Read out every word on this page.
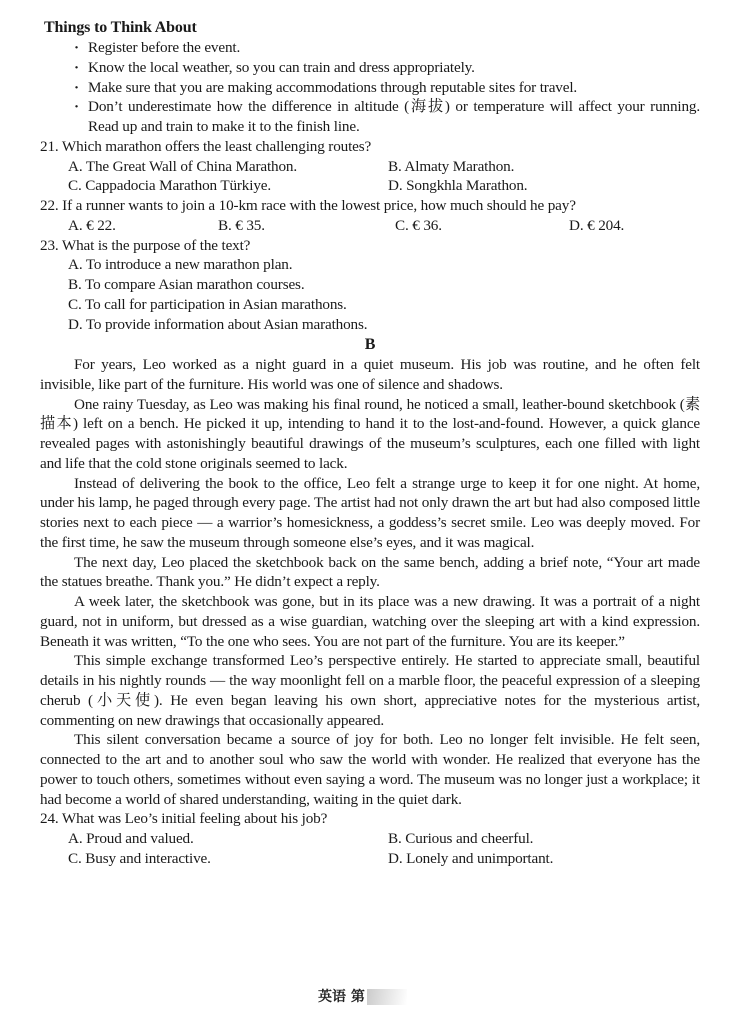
Things to Think About
· Register before the event.
· Know the local weather, so you can train and dress appropriately.
· Make sure that you are making accommodations through reputable sites for travel.
· Don’t underestimate how the difference in altitude (海拔) or temperature will affect your running. Read up and train to make it to the finish line.
21. Which marathon offers the least challenging routes?
A. The Great Wall of China Marathon.	B. Almaty Marathon.
C. Cappadocia Marathon Türkiye.	D. Songkhla Marathon.
22. If a runner wants to join a 10-km race with the lowest price, how much should he pay?
A. € 22.	B. € 35.	C. € 36.	D. € 204.
23. What is the purpose of the text?
A. To introduce a new marathon plan.
B. To compare Asian marathon courses.
C. To call for participation in Asian marathons.
D. To provide information about Asian marathons.
B

For years, Leo worked as a night guard in a quiet museum. His job was routine, and he often felt invisible, like part of the furniture. His world was one of silence and shadows.

One rainy Tuesday, as Leo was making his final round, he noticed a small, leather-bound sketchbook (素描本) left on a bench. He picked it up, intending to hand it to the lost-and-found. However, a quick glance revealed pages with astonishingly beautiful drawings of the museum’s sculptures, each one filled with light and life that the cold stone originals seemed to lack.

Instead of delivering the book to the office, Leo felt a strange urge to keep it for one night. At home, under his lamp, he paged through every page. The artist had not only drawn the art but had also composed little stories next to each piece — a warrior’s homesickness, a goddess’s secret smile. Leo was deeply moved. For the first time, he saw the museum through someone else’s eyes, and it was magical.

The next day, Leo placed the sketchbook back on the same bench, adding a brief note, “Your art made the statues breathe. Thank you.” He didn’t expect a reply.

A week later, the sketchbook was gone, but in its place was a new drawing. It was a portrait of a night guard, not in uniform, but dressed as a wise guardian, watching over the sleeping art with a kind expression. Beneath it was written, “To the one who sees. You are not part of the furniture. You are its keeper.”

This simple exchange transformed Leo’s perspective entirely. He started to appreciate small, beautiful details in his nightly rounds — the way moonlight fell on a marble floor, the peaceful expression of a sleeping cherub (小天使). He even began leaving his own short, appreciative notes for the mysterious artist, commenting on new drawings that occasionally appeared.

This silent conversation became a source of joy for both. Leo no longer felt invisible. He felt seen, connected to the art and to another soul who saw the world with wonder. He realized that everyone has the power to touch others, sometimes without even saying a word. The museum was no longer just a workplace; it had become a world of shared understanding, waiting in the quiet dark.

24. What was Leo’s initial feeling about his job?
A. Proud and valued.	B. Curious and cheerful.
C. Busy and interactive.	D. Lonely and unimportant.
英语 第
